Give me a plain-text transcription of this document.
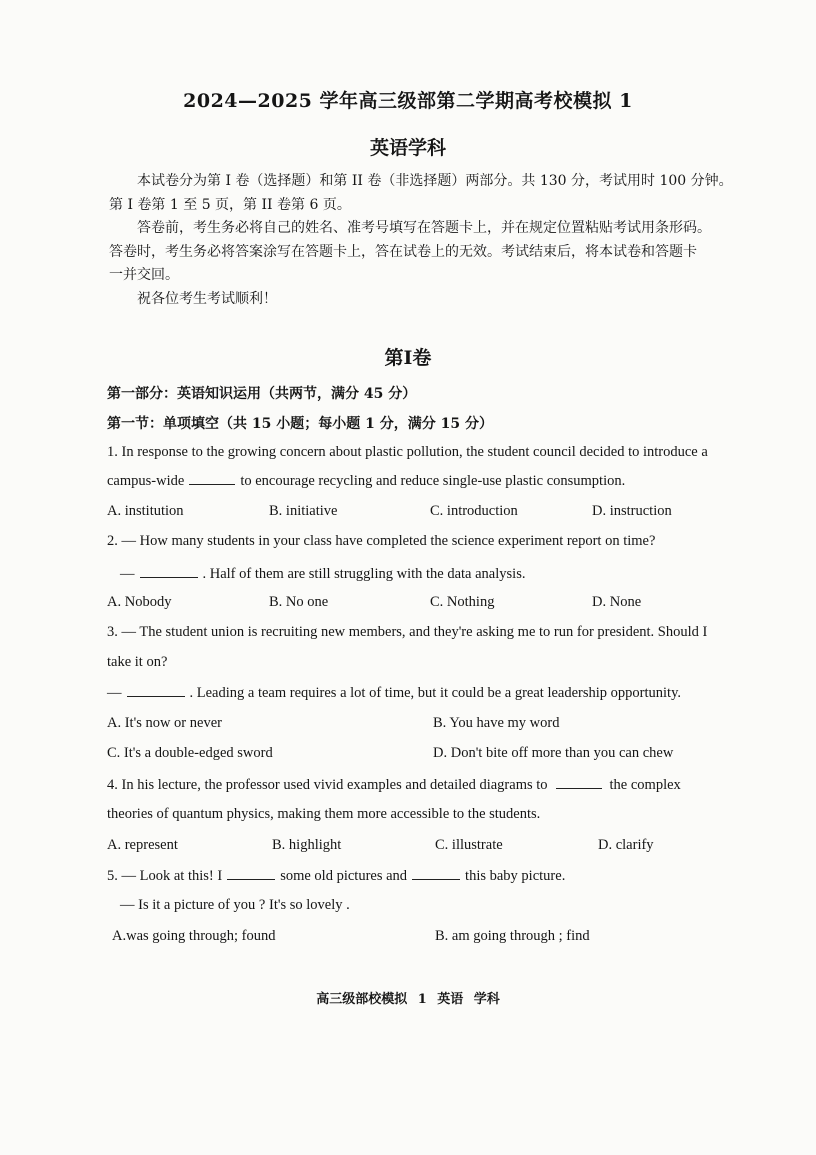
2024—2025 学年高三级部第二学期高考校模拟 1
英语学科

本试卷分为第 I 卷（选择题）和第 II 卷（非选择题）两部分。共 130 分，考试用时 100 分钟。

第 I 卷第 1 至 5 页，第 II 卷第 6 页。

答卷前，考生务必将自己的姓名、准考号填写在答题卡上，并在规定位置粘贴考试用条形码。

答卷时，考生务必将答案涂写在答题卡上，答在试卷上的无效。考试结束后，将本试卷和答题卡

一并交回。

祝各位考生考试顺利！

第I卷
第一部分：英语知识运用（共两节，满分 45 分）
第一节：单项填空（共 15 小题；每小题 1 分，满分 15 分）
1. In response to the growing concern about plastic pollution, the student council decided to introduce a
campus-wide	to encourage recycling and reduce single-use plastic consumption.
A. institution	B. initiative	C. introduction	D. instruction
2. — How many students in your class have completed the science experiment report on time?
—	. Half of them are still struggling with the data analysis.
A. Nobody	B. No one	C. Nothing	D. None
3. — The student union is recruiting new members, and they're asking me to run for president. Should I
take it on?
—	. Leading a team requires a lot of time, but it could be a great leadership opportunity.
A. It's now or never	B. You have my word
C. It's a double-edged sword	D. Don't bite off more than you can chew
4. In his lecture, the professor used vivid examples and detailed diagrams to	the complex
theories of quantum physics, making them more accessible to the students.
A. represent	B. highlight	C. illustrate	D. clarify
5. — Look at this! I	some old pictures and	this baby picture.
— Is it a picture of you ? It's so lovely .
A.was going through; found	B. am going through ; find
高三级部校模拟 1 英语 学科
